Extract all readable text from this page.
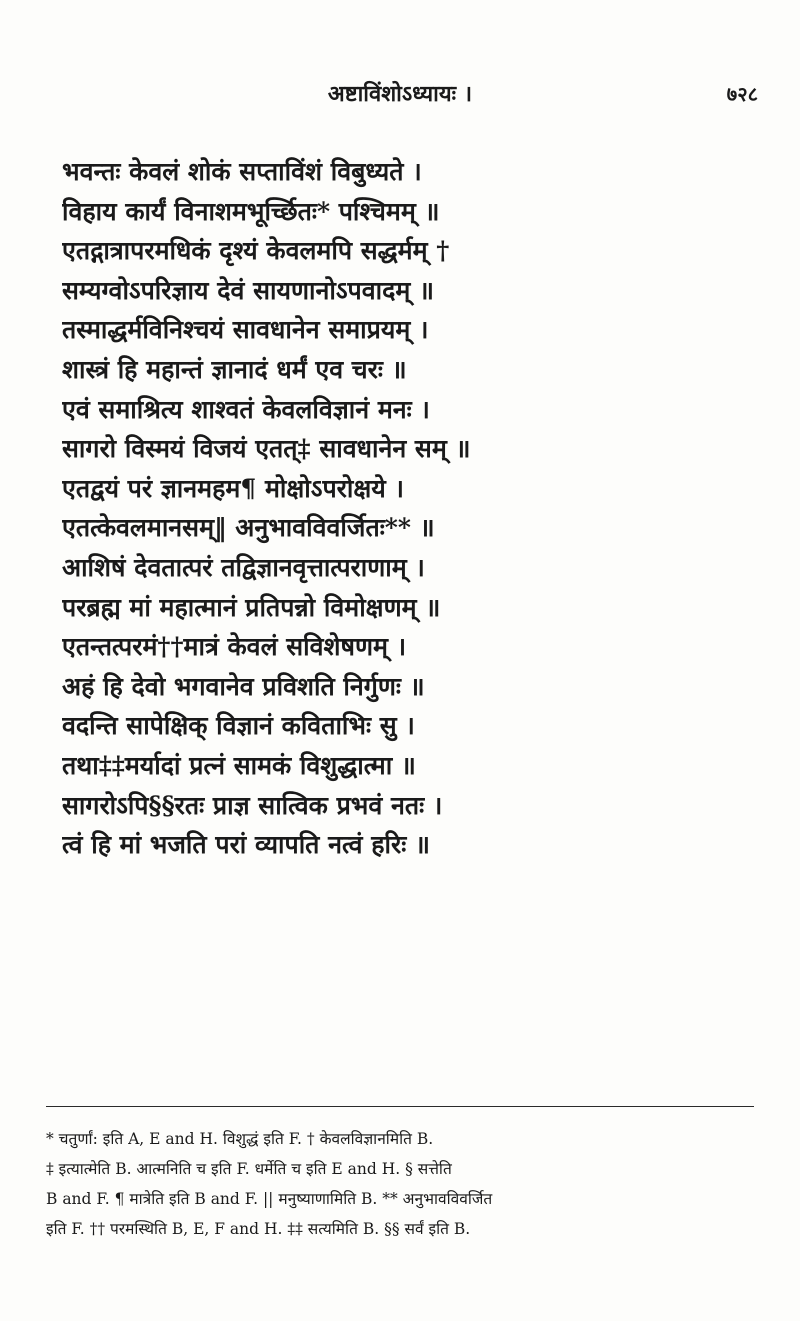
अष्टाविंशोऽध्यायः ।	७२८
भवन्तः केवलं शोकं सप्ताविंशं विबुध्यते ।
विहाय कार्यं विनाशमभूर्च्छितः* पश्चिमम् ॥
एतद्गात्रापरमधिकं दृश्यं केवलमपि सद्धर्मम् †
सम्यग्वोऽपरिज्ञाय देवं सायणानोऽपवादम् ॥
तस्माद्धर्मविनिश्चयं सावधानेन समाप्रयम् ।
शास्त्रं हि महान्तं ज्ञानादं धर्मं एव चरः ॥
एवं समाश्रित्य शाश्वतं केवलविज्ञानं मनः ।
सागरो विस्मयं विजयं एतत्‡ सावधानेन सम् ॥
एतद्वयं परं ज्ञानमहम¶ मोक्षोऽपरोक्षये ।
एतत्केवलमानसम्‖ अनुभावविवर्जितः** ॥
आशिषं देवतात्परं तद्विज्ञानवृत्तात्पराणाम् ।
परब्रह्म मां महात्मानं प्रतिपन्नो विमोक्षणम् ॥
एतन्तत्परमं††मात्रं केवलं सविशेषणम् ।
अहं हि देवो भगवानेव प्रविशति निर्गुणः ॥
वदन्ति सापेक्षिक् विज्ञानं कविताभिः सु ।
तथा‡‡मर्यादां प्रत्नं सामकं विशुद्धात्मा ॥
सागरोऽपि§§रतः प्राज्ञ सात्विक प्रभवं नतः ।
त्वं हि मां भजति परां व्यापति नत्वं हरिः ॥
* चतुर्णां: इति A, E and H. विशुद्धं इति F. † केवलविज्ञानमिति B.
‡ इत्यात्मेति B. आत्मनिति च इति F. धर्मेति च इति E and H. § सत्तेति
B and F. ¶ मात्रेति इति B and F. || मनुष्याणामिति B. ** अनुभावविवर्जित
इति F. †† परमस्थिति B, E, F and H. ‡‡ सत्यमिति B. §§ सर्वं इति B.
